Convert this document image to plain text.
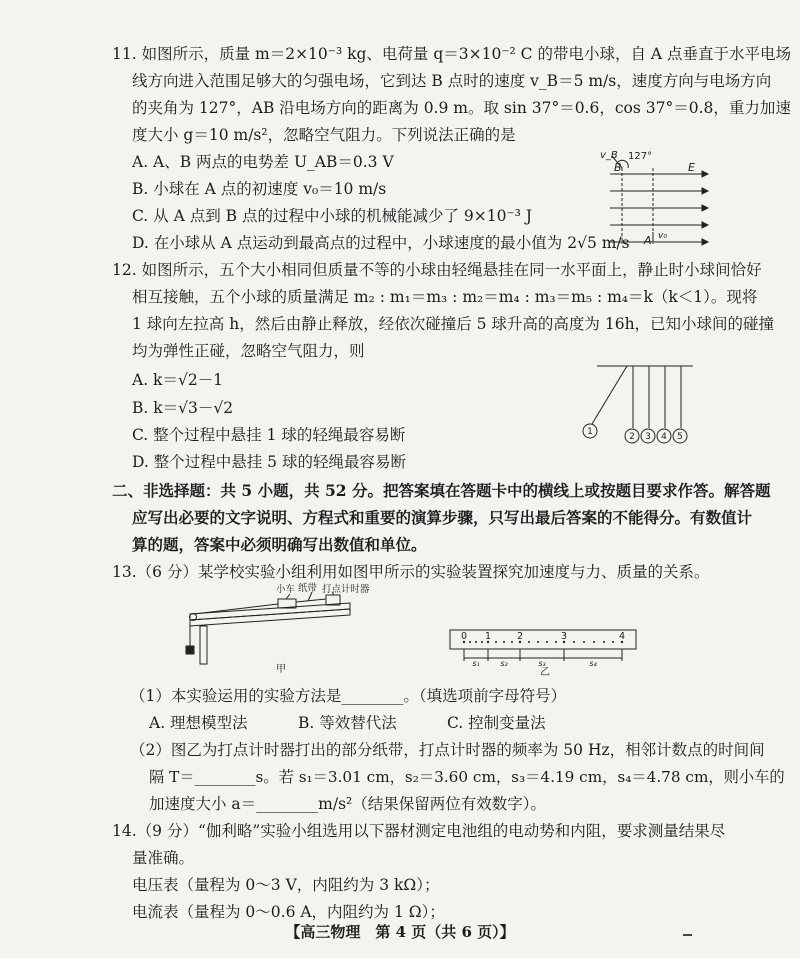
11. 如图所示，质量 m＝2×10⁻³ kg、电荷量 q＝3×10⁻² C 的带电小球，自 A 点垂直于水平电场
线方向进入范围足够大的匀强电场，它到达 B 点时的速度 v_B＝5 m/s，速度方向与电场方向
的夹角为 127°，AB 沿电场方向的距离为 0.9 m。取 sin 37°＝0.6，cos 37°＝0.8，重力加速
度大小 g＝10 m/s²，忽略空气阻力。下列说法正确的是
A. A、B 两点的电势差 U_AB＝0.3 V
B. 小球在 A 点的初速度 v₀＝10 m/s
C. 从 A 点到 B 点的过程中小球的机械能减少了 9×10⁻³ J
D. 在小球从 A 点运动到最高点的过程中，小球速度的最小值为 2√5 m/s
v_B 127°
B	E
A v₀
12. 如图所示，五个大小相同但质量不等的小球由轻绳悬挂在同一水平面上，静止时小球间恰好
相互接触，五个小球的质量满足 m₂ : m₁＝m₃ : m₂＝m₄ : m₃＝m₅ : m₄＝k（k＜1）。现将
1 球向左拉高 h，然后由静止释放，经依次碰撞后 5 球升高的高度为 16h，已知小球间的碰撞
均为弹性正碰，忽略空气阻力，则
A. k＝√2－1
B. k＝√3－√2
C. 整个过程中悬挂 1 球的轻绳最容易断
D. 整个过程中悬挂 5 球的轻绳最容易断
1	2 3 4 5
二、非选择题：共 5 小题，共 52 分。把答案填在答题卡中的横线上或按题目要求作答。解答题
应写出必要的文字说明、方程式和重要的演算步骤，只写出最后答案的不能得分。有数值计
算的题，答案中必须明确写出数值和单位。
13.（6 分）某学校实验小组利用如图甲所示的实验装置探究加速度与力、质量的关系。
小车 纸带 打点计时器
甲
0 1	2	3	4
s₁	s₂	s₃	s₄
乙
（1）本实验运用的实验方法是________。（填选项前字母符号）
A. 理想模型法	B. 等效替代法	C. 控制变量法
（2）图乙为打点计时器打出的部分纸带，打点计时器的频率为 50 Hz，相邻计数点的时间间
隔 T＝________s。若 s₁＝3.01 cm，s₂＝3.60 cm，s₃＝4.19 cm，s₄＝4.78 cm，则小车的
加速度大小 a＝________m/s²（结果保留两位有效数字）。
14.（9 分）“伽利略”实验小组选用以下器材测定电池组的电动势和内阻，要求测量结果尽
量准确。
电压表（量程为 0～3 V，内阻约为 3 kΩ）；
电流表（量程为 0～0.6 A，内阻约为 1 Ω）；
【高三物理　第 4 页（共 6 页）】
